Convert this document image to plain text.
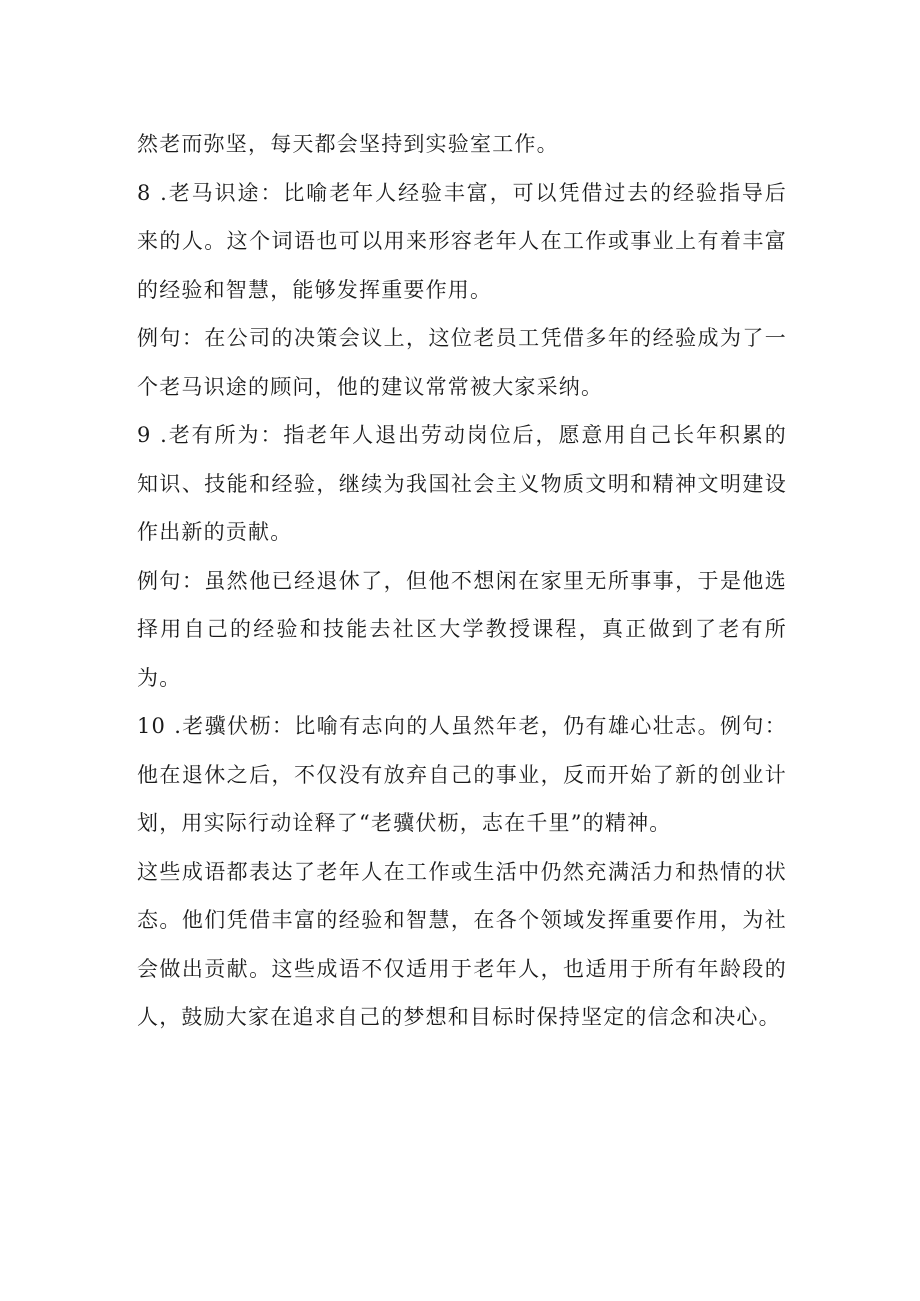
然老而弥坚，每天都会坚持到实验室工作。

8 .老马识途：比喻老年人经验丰富，可以凭借过去的经验指导后来的人。这个词语也可以用来形容老年人在工作或事业上有着丰富的经验和智慧，能够发挥重要作用。

例句：在公司的决策会议上，这位老员工凭借多年的经验成为了一个老马识途的顾问，他的建议常常被大家采纳。

9 .老有所为：指老年人退出劳动岗位后，愿意用自己长年积累的知识、技能和经验，继续为我国社会主义物质文明和精神文明建设作出新的贡献。

例句：虽然他已经退休了，但他不想闲在家里无所事事，于是他选择用自己的经验和技能去社区大学教授课程，真正做到了老有所为。

10 .老骥伏枥：比喻有志向的人虽然年老，仍有雄心壮志。例句：他在退休之后，不仅没有放弃自己的事业，反而开始了新的创业计划，用实际行动诠释了“老骥伏枥，志在千里”的精神。

这些成语都表达了老年人在工作或生活中仍然充满活力和热情的状态。他们凭借丰富的经验和智慧，在各个领域发挥重要作用，为社会做出贡献。这些成语不仅适用于老年人，也适用于所有年龄段的人，鼓励大家在追求自己的梦想和目标时保持坚定的信念和决心。
